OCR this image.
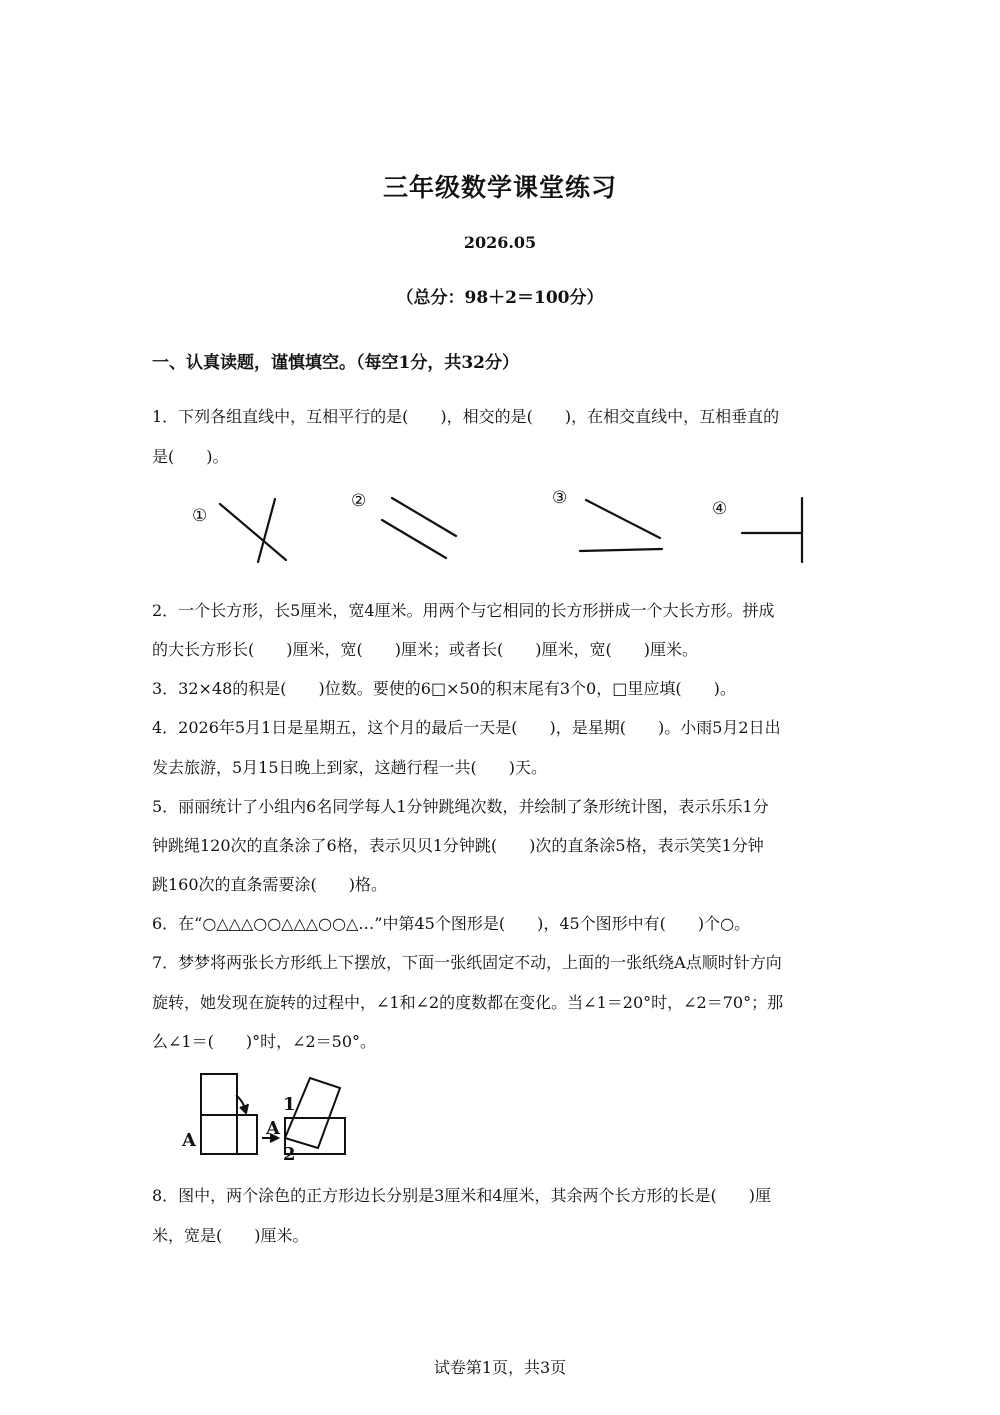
三年级数学课堂练习
2026.05
（总分：98＋2＝100分）
一、认真读题，谨慎填空。（每空1分，共32分）
1．下列各组直线中，互相平行的是(　　)，相交的是(　　)，在相交直线中，互相垂直的
是(　　)。
①
②	③
④
2．一个长方形，长5厘米，宽4厘米。用两个与它相同的长方形拼成一个大长方形。拼成
的大长方形长(　　)厘米，宽(　　)厘米；或者长(　　)厘米，宽(　　)厘米。
3．32×48的积是(　　)位数。要使的6□×50的积末尾有3个0，□里应填(　　)。
4．2026年5月1日是星期五，这个月的最后一天是(　　)，是星期(　　)。小雨5月2日出
发去旅游，5月15日晚上到家，这趟行程一共(　　)天。
5．丽丽统计了小组内6名同学每人1分钟跳绳次数，并绘制了条形统计图，表示乐乐1分
钟跳绳120次的直条涂了6格，表示贝贝1分钟跳(　　)次的直条涂5格，表示笑笑1分钟
跳160次的直条需要涂(　　)格。
6．在“○△△△○○△△△○○△…”中第45个图形是(　　)，45个图形中有(　　)个○。
7．梦梦将两张长方形纸上下摆放，下面一张纸固定不动，上面的一张纸绕A点顺时针方向
旋转，她发现在旋转的过程中，∠1和∠2的度数都在变化。当∠1＝20°时，∠2＝70°；那
么∠1＝(　　)°时，∠2＝50°。
A
A
1
2
8．图中，两个涂色的正方形边长分别是3厘米和4厘米，其余两个长方形的长是(　　)厘
米，宽是(　　)厘米。
试卷第1页，共3页
